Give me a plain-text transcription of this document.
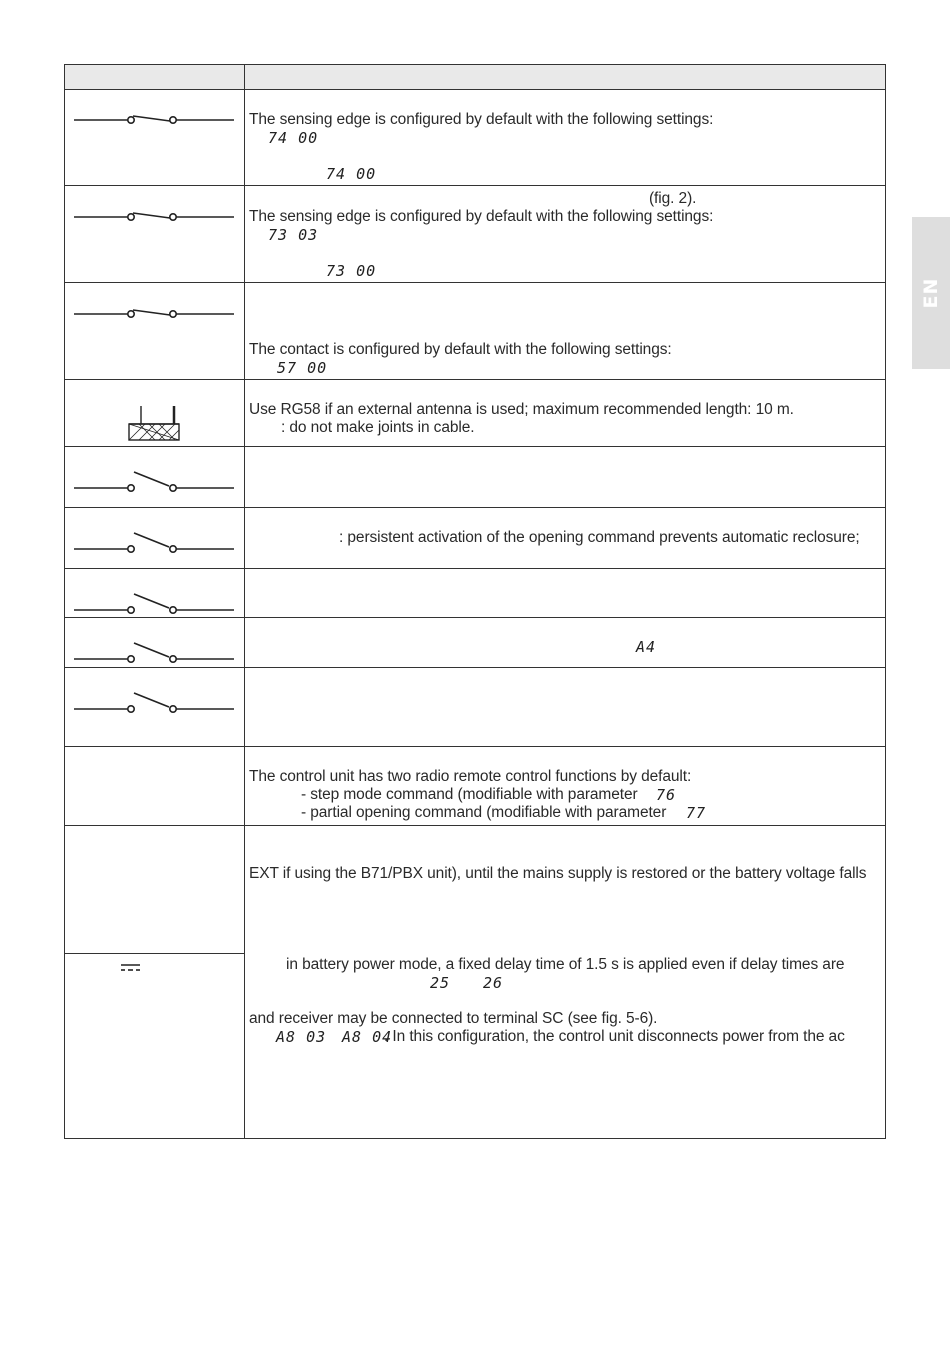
EN
The sensing edge is configured by default with the following settings:
74 00
74 00
(fig. 2).
The sensing edge is configured by default with the following settings:
73 03
73 00
The contact is configured by default with the following settings:
57 00
Use RG58 if an external antenna is used; maximum recommended length: 10 m.
: do not make joints in cable.
: persistent activation of the opening command prevents automatic reclosure;
A4
The control unit has two radio remote control functions by default:
- step mode command (modifiable with parameter 76
- partial opening command (modifiable with parameter 77
EXT if using the B71/PBX unit), until the mains supply is restored or the battery voltage falls
in battery power mode, a fixed delay time of 1.5 s is applied even if delay times are
25 26
and receiver may be connected to terminal SC (see fig. 5-6).
A8 03 A8 04
. In this configuration, the control unit disconnects power from the ac
